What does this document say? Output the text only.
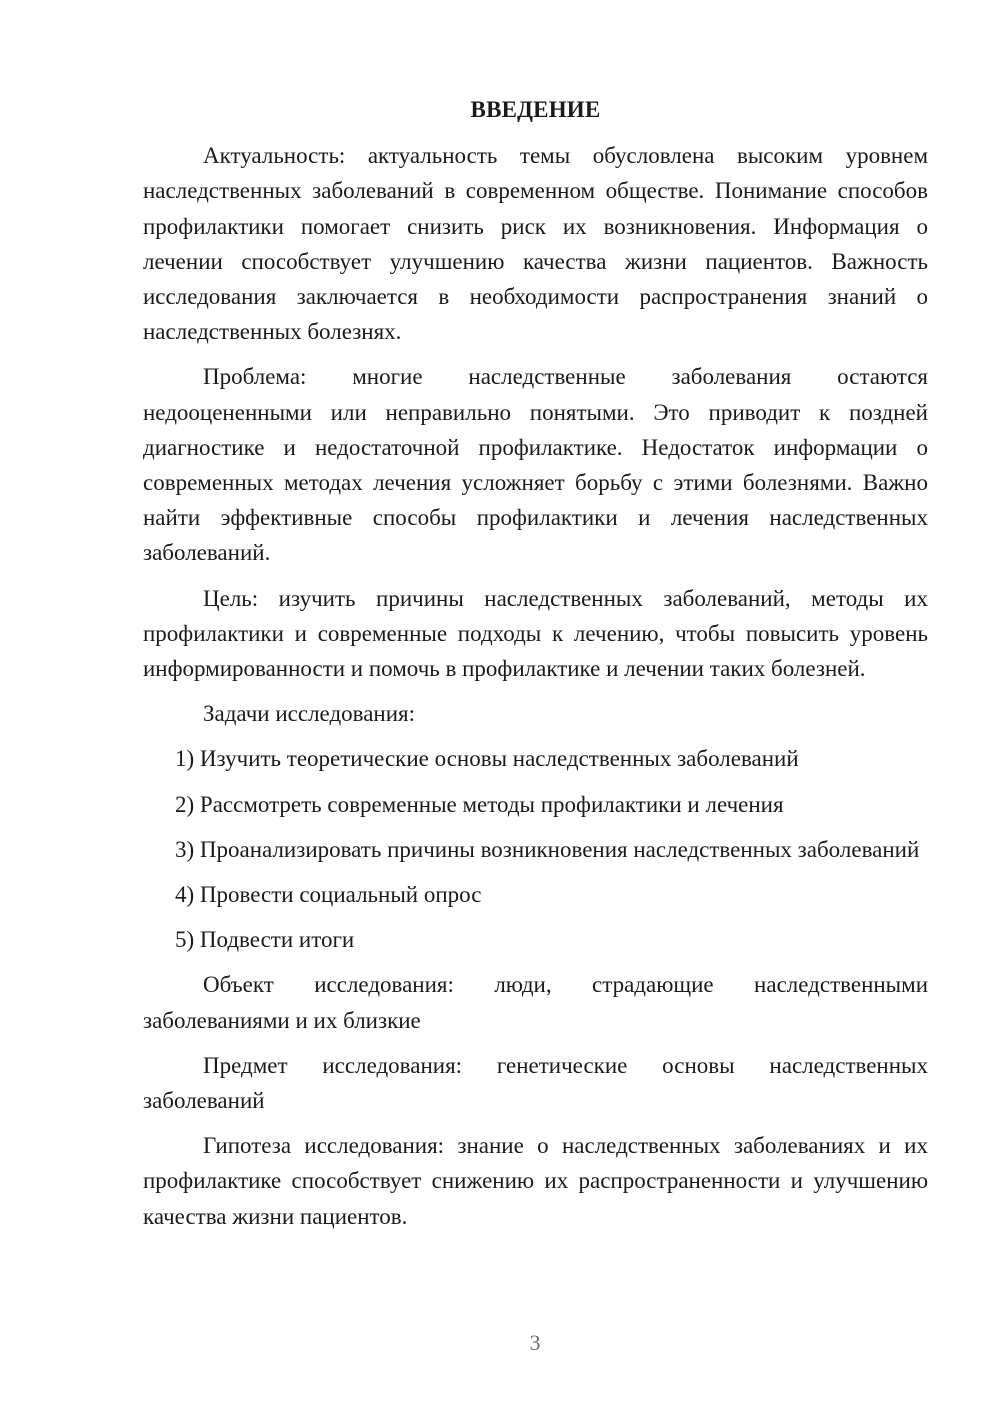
ВВЕДЕНИЕ

Актуальность: актуальность темы обусловлена высоким уровнем наследственных заболеваний в современном обществе. Понимание способов профилактики помогает снизить риск их возникновения. Информация о лечении способствует улучшению качества жизни пациентов. Важность исследования заключается в необходимости распространения знаний о наследственных болезнях.

Проблема: многие наследственные заболевания остаются недооцененными или неправильно понятыми. Это приводит к поздней диагностике и недостаточной профилактике. Недостаток информации о современных методах лечения усложняет борьбу с этими болезнями. Важно найти эффективные способы профилактики и лечения наследственных заболеваний.

Цель: изучить причины наследственных заболеваний, методы их профилактики и современные подходы к лечению, чтобы повысить уровень информированности и помочь в профилактике и лечении таких болезней.

Задачи исследования:

1) Изучить теоретические основы наследственных заболеваний

2) Рассмотреть современные методы профилактики и лечения

3) Проанализировать причины возникновения наследственных заболеваний

4) Провести социальный опрос

5) Подвести итоги

Объект исследования: люди, страдающие наследственными заболеваниями и их близкие

Предмет исследования: генетические основы наследственных заболеваний

Гипотеза исследования: знание о наследственных заболеваниях и их профилактике способствует снижению их распространенности и улучшению качества жизни пациентов.

3
